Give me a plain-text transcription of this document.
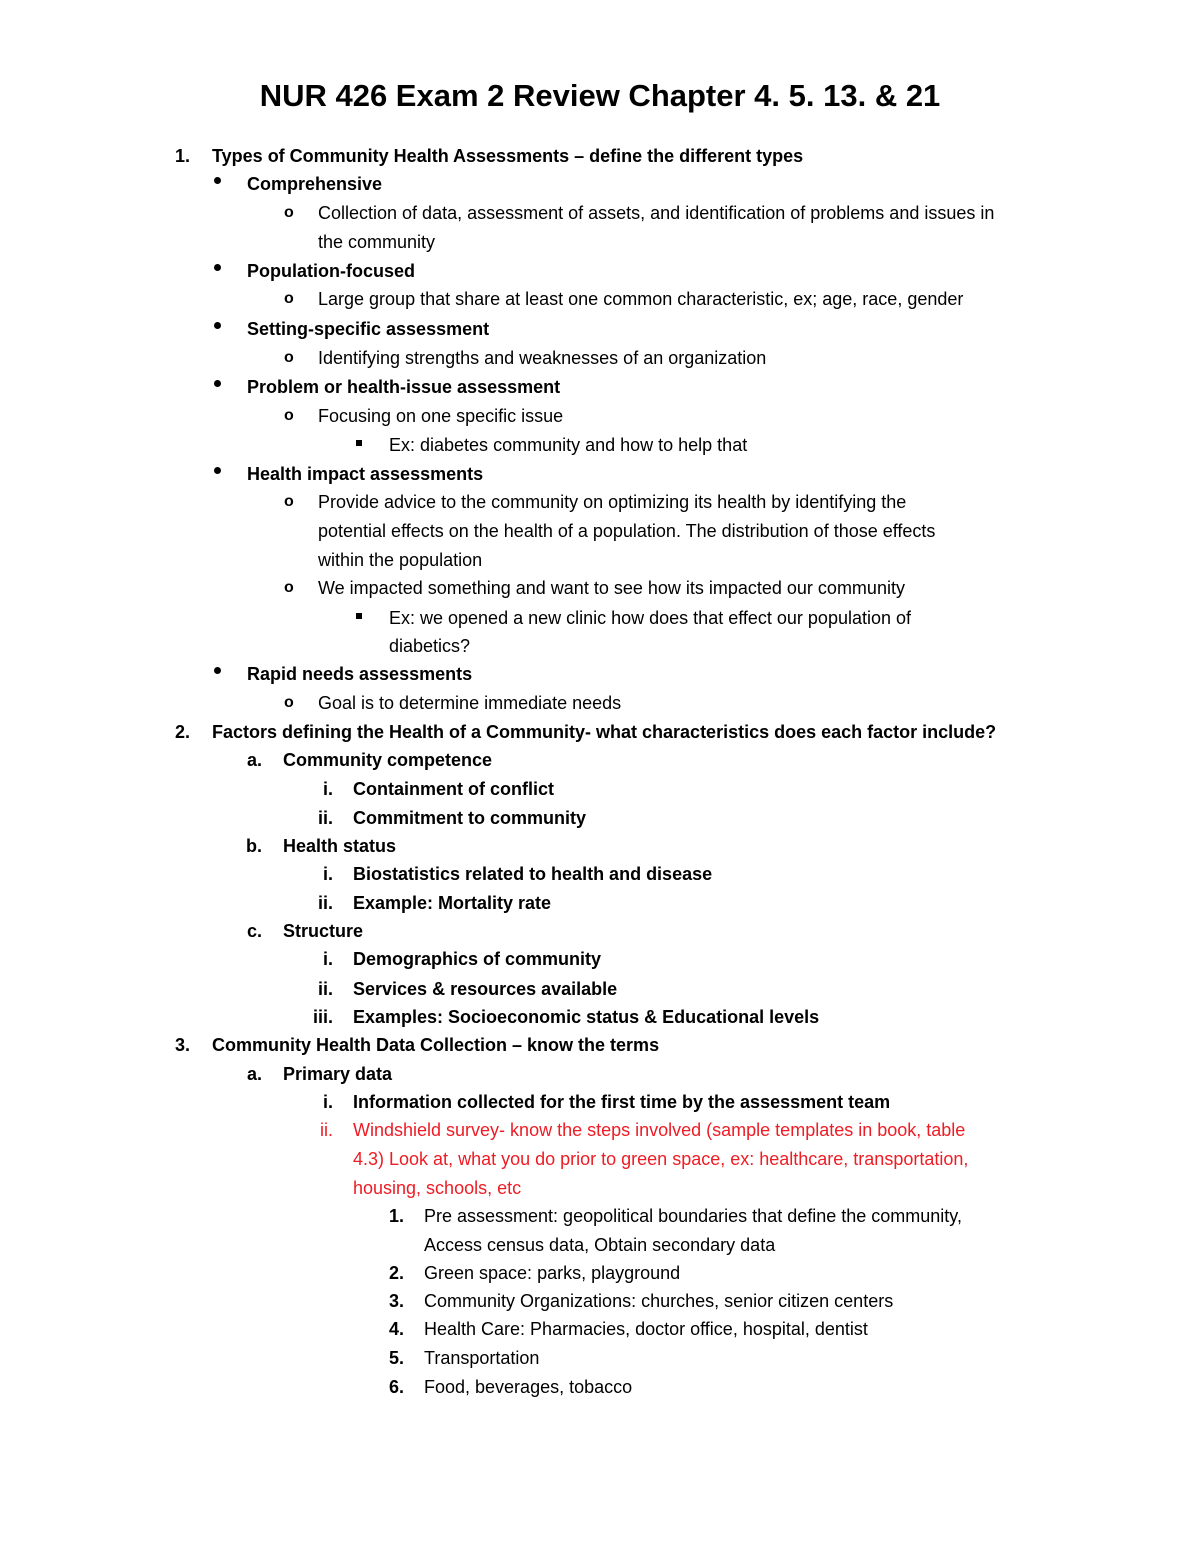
NUR 426 Exam 2 Review Chapter 4. 5. 13. & 21
1. Types of Community Health Assessments – define the different types
Comprehensive
o Collection of data, assessment of assets, and identification of problems and issues in
the community
Population-focused
o Large group that share at least one common characteristic, ex; age, race, gender
Setting-specific assessment
o Identifying strengths and weaknesses of an organization
Problem or health-issue assessment
o Focusing on one specific issue
Ex: diabetes community and how to help that
Health impact assessments
o Provide advice to the community on optimizing its health by identifying the
potential effects on the health of a population. The distribution of those effects
within the population
o We impacted something and want to see how its impacted our community
Ex: we opened a new clinic how does that effect our population of
diabetics?
Rapid needs assessments
o Goal is to determine immediate needs
2. Factors defining the Health of a Community- what characteristics does each factor include?
a. Community competence
i. Containment of conflict
ii. Commitment to community
b. Health status
i. Biostatistics related to health and disease
ii. Example: Mortality rate
c. Structure
i. Demographics of community
ii. Services & resources available
iii. Examples: Socioeconomic status & Educational levels
3. Community Health Data Collection – know the terms
a. Primary data
i. Information collected for the first time by the assessment team
ii. Windshield survey- know the steps involved (sample templates in book, table
4.3) Look at, what you do prior to green space, ex: healthcare, transportation,
housing, schools, etc
1. Pre assessment: geopolitical boundaries that define the community,
Access census data, Obtain secondary data
2. Green space: parks, playground
3. Community Organizations: churches, senior citizen centers
4. Health Care: Pharmacies, doctor office, hospital, dentist
5. Transportation
6. Food, beverages, tobacco
